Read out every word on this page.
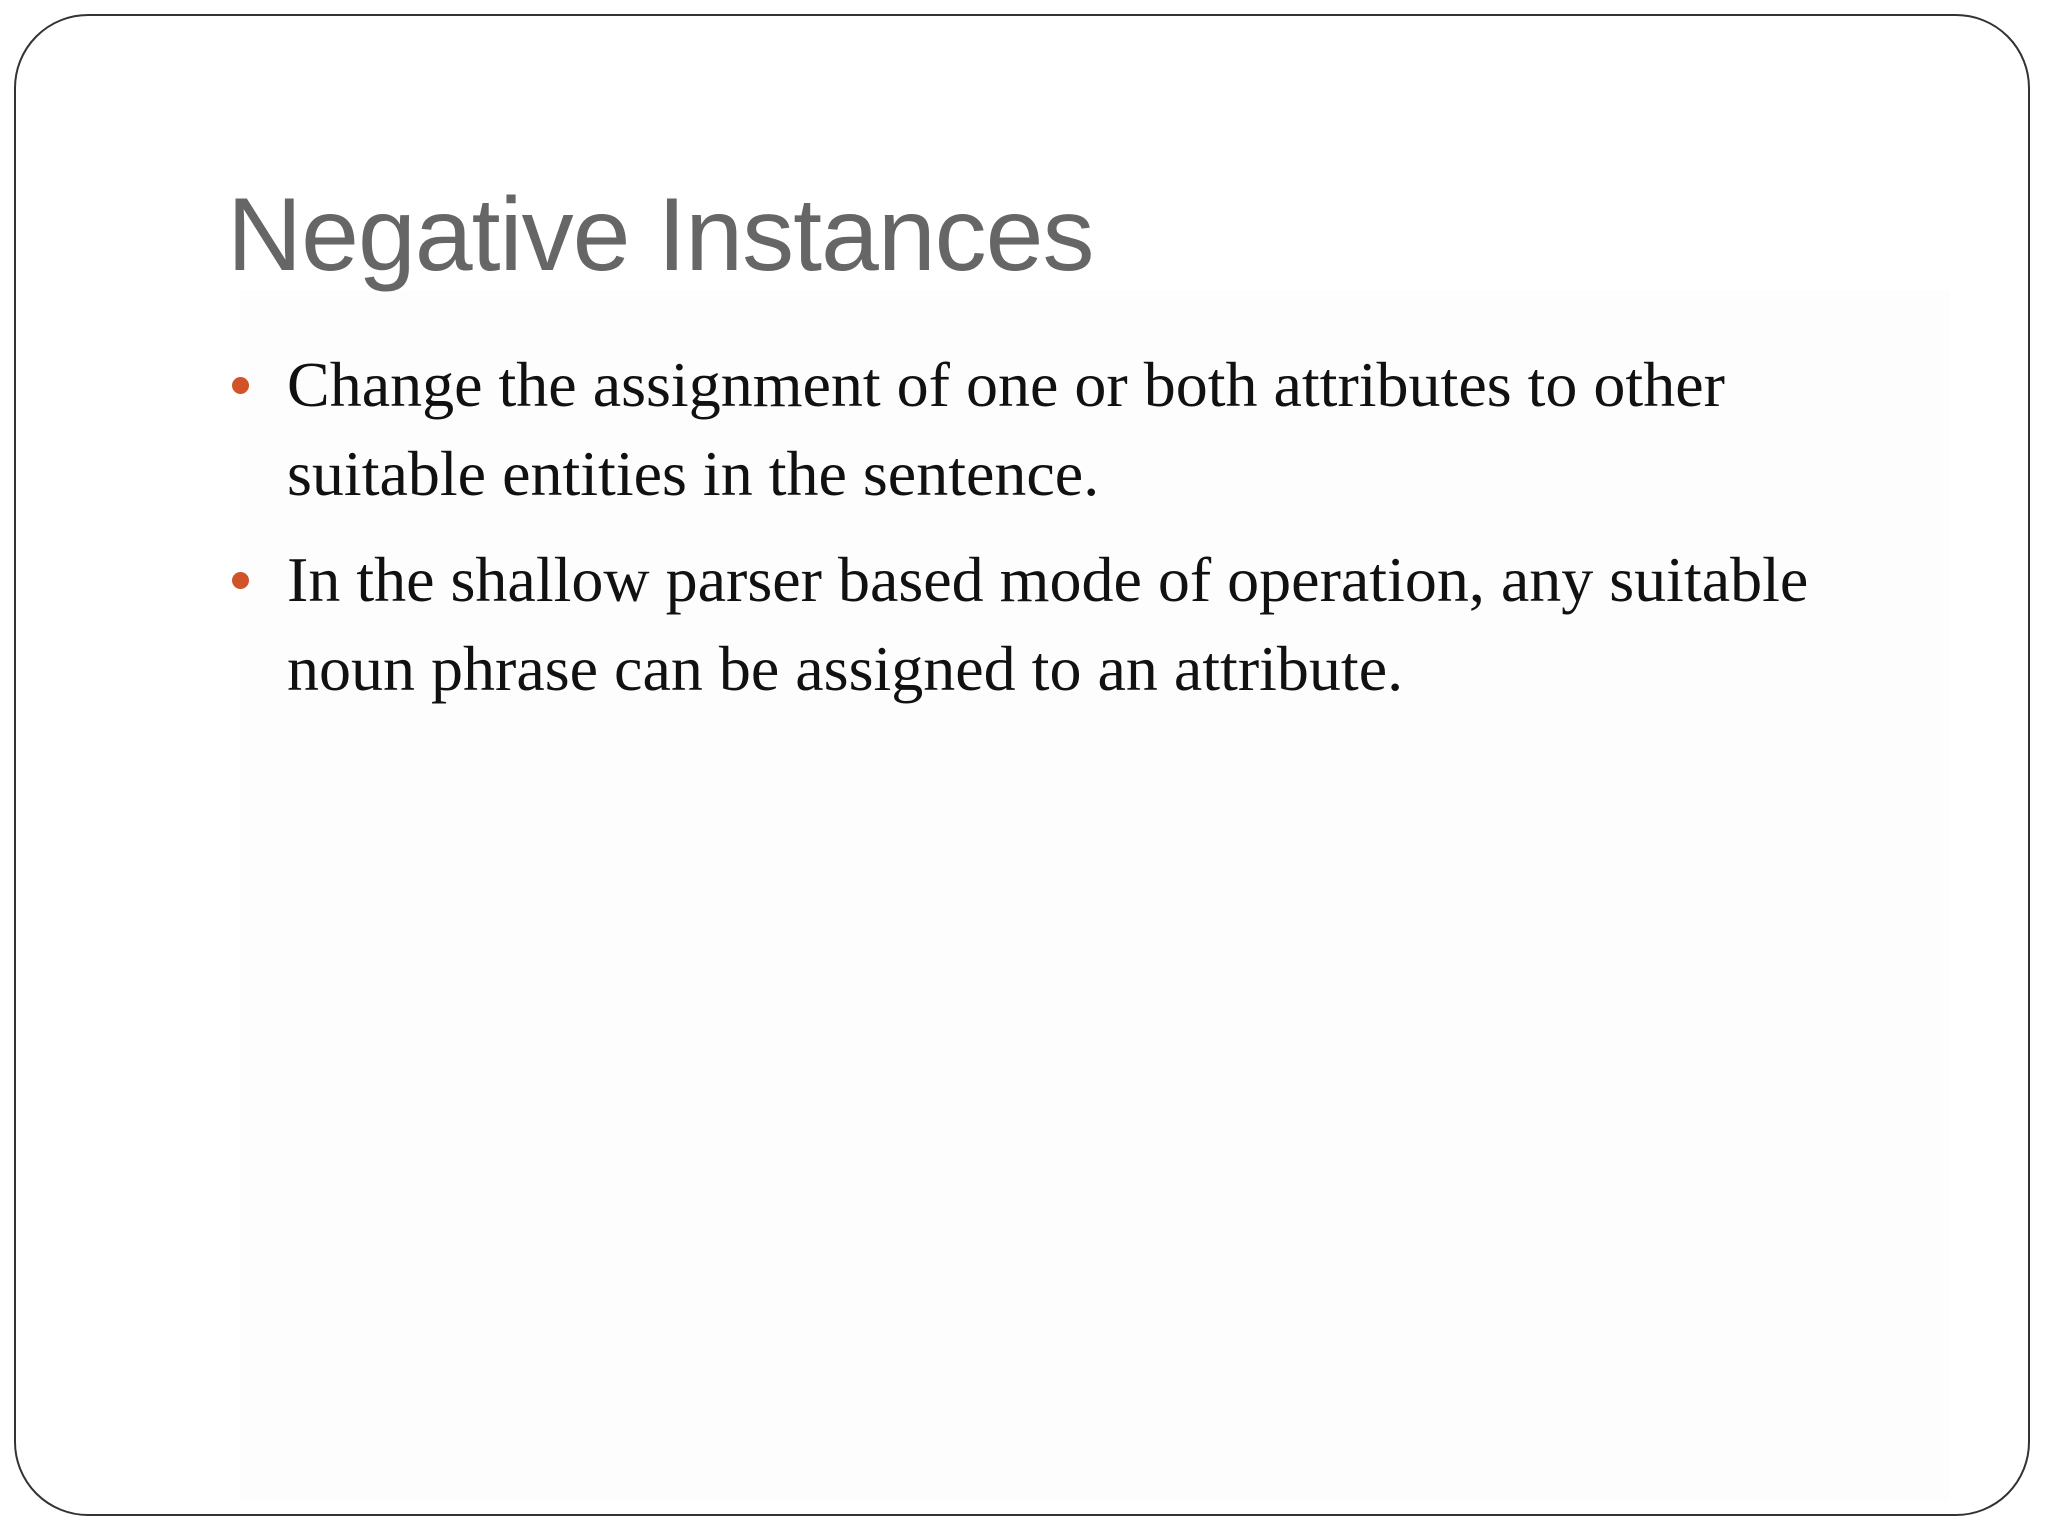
Negative Instances
Change the assignment of one or both attributes to other suitable entities in the sentence.
In the shallow parser based mode of operation, any suitable noun phrase can be assigned to an attribute.
